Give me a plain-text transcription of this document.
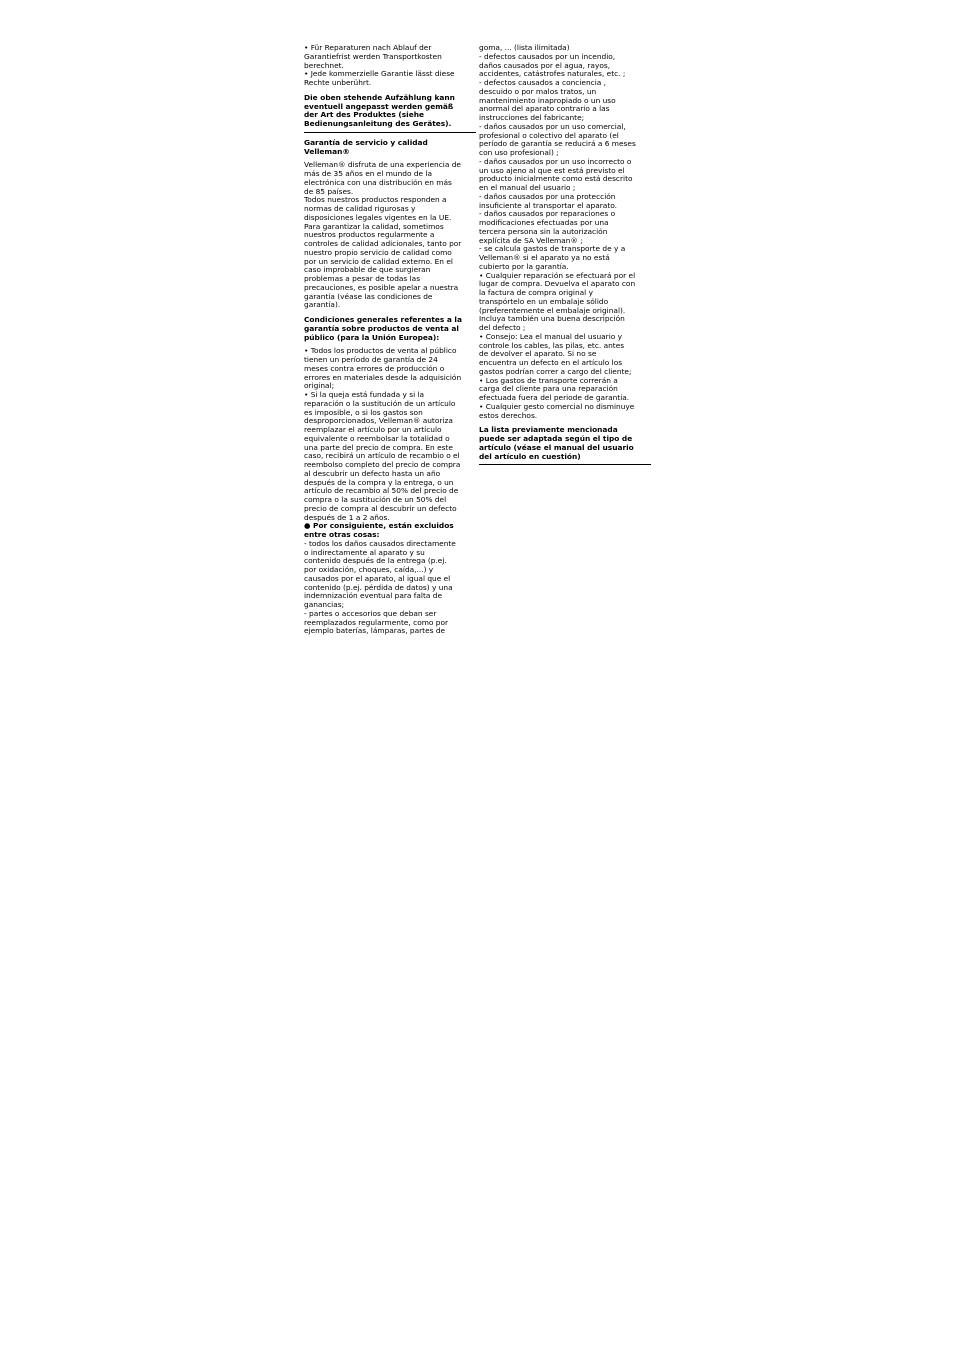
• Für Reparaturen nach Ablauf der
Garantiefrist werden Transportkosten
berechnet.
• Jede kommerzielle Garantie lässt diese
Rechte unberührt.

Die oben stehende Aufzählung kann
eventuell angepasst werden gemäß
der Art des Produktes (siehe
Bedienungsanleitung des Gerätes).

Garantía de servicio y calidad
Velleman®

Velleman® disfruta de una experiencia de
más de 35 años en el mundo de la
electrónica con una distribución en más
de 85 países.
Todos nuestros productos responden a
normas de calidad rigurosas y
disposiciones legales vigentes en la UE.
Para garantizar la calidad, sometimos
nuestros productos regularmente a
controles de calidad adicionales, tanto por
nuestro propio servicio de calidad como
por un servicio de calidad externo. En el
caso improbable de que surgieran
problemas a pesar de todas las
precauciones, es posible apelar a nuestra
garantía (véase las condiciones de
garantía).

Condiciones generales referentes a la
garantía sobre productos de venta al
público (para la Unión Europea):

• Todos los productos de venta al público
tienen un período de garantía de 24
meses contra errores de producción o
errores en materiales desde la adquisición
original;
• Si la queja está fundada y si la
reparación o la sustitución de un artículo
es imposible, o si los gastos son
desproporcionados, Velleman® autoriza
reemplazar el artículo por un artículo
equivalente o reembolsar la totalidad o
una parte del precio de compra. En este
caso, recibirá un artículo de recambio o el
reembolso completo del precio de compra
al descubrir un defecto hasta un año
después de la compra y la entrega, o un
artículo de recambio al 50% del precio de
compra o la sustitución de un 50% del
precio de compra al descubrir un defecto
después de 1 a 2 años.

● Por consiguiente, están excluidos
entre otras cosas:

- todos los daños causados directamente
o indirectamente al aparato y su
contenido después de la entrega (p.ej.
por oxidación, choques, caída,...) y
causados por el aparato, al igual que el
contenido (p.ej. pérdida de datos) y una
indemnización eventual para falta de
ganancias;
- partes o accesorios que deban ser
reemplazados regularmente, como por
ejemplo baterías, lámparas, partes de

goma, ... (lista ilimitada)
- defectos causados por un incendio,
daños causados por el agua, rayos,
accidentes, catástrofes naturales, etc. ;
- defectos causados a conciencia ,
descuido o por malos tratos, un
mantenimiento inapropiado o un uso
anormal del aparato contrario a las
instrucciones del fabricante;
- daños causados por un uso comercial,
profesional o colectivo del aparato (el
período de garantía se reducirá a 6 meses
con uso profesional) ;
- daños causados por un uso incorrecto o
un uso ajeno al que est está previsto el
producto inicialmente como está descrito
en el manual del usuario ;
- daños causados por una protección
insuficiente al transportar el aparato.
- daños causados por reparaciones o
modificaciones efectuadas por una
tercera persona sin la autorización
explícita de SA Velleman® ;
- se calcula gastos de transporte de y a
Velleman® si el aparato ya no está
cubierto por la garantía.
• Cualquier reparación se efectuará por el
lugar de compra. Devuelva el aparato con
la factura de compra original y
transpórtelo en un embalaje sólido
(preferentemente el embalaje original).
Incluya también una buena descripción
del defecto ;
• Consejo: Lea el manual del usuario y
controle los cables, las pilas, etc. antes
de devolver el aparato. Si no se
encuentra un defecto en el artículo los
gastos podrían correr a cargo del cliente;
• Los gastos de transporte correrán a
carga del cliente para una reparación
efectuada fuera del periode de garantía.
• Cualquier gesto comercial no disminuye
estos derechos.

La lista previamente mencionada
puede ser adaptada según el tipo de
artículo (véase el manual del usuario
del artículo en cuestión)
